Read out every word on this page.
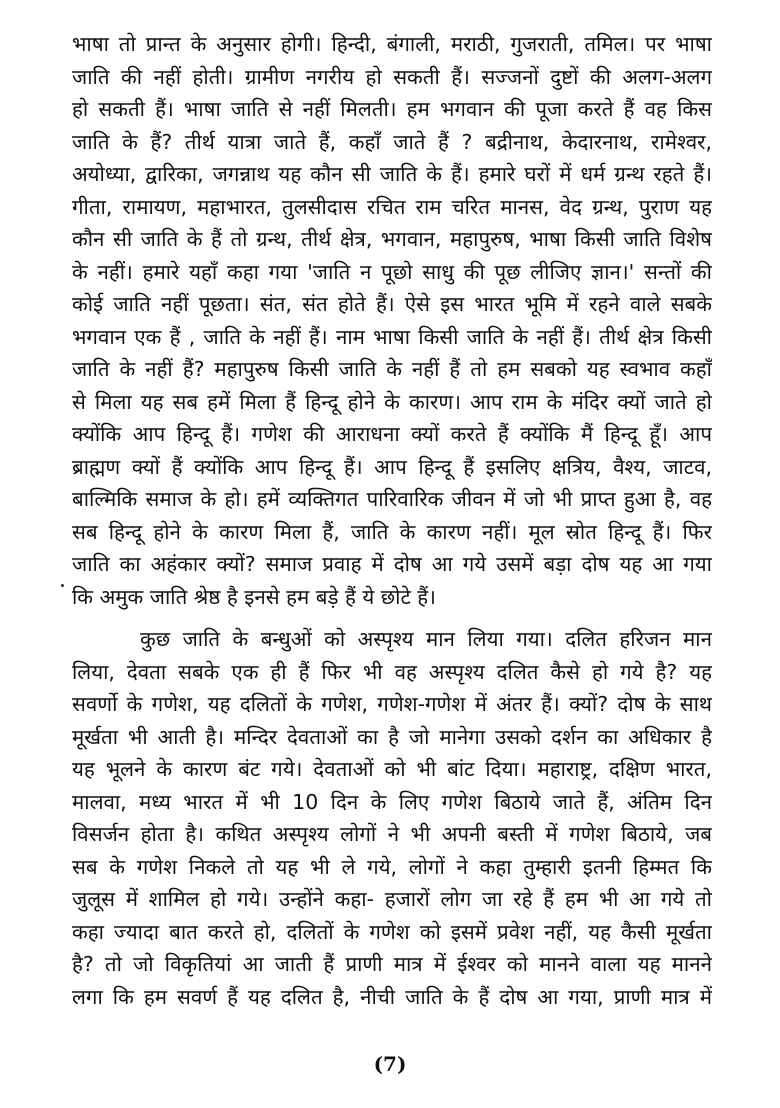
भाषा तो प्रान्त के अनुसार होगी। हिन्दी, बंगाली, मराठी, गुजराती, तमिल। पर भाषा
जाति की नहीं होती। ग्रामीण नगरीय हो सकती हैं। सज्जनों दुष्टों की अलग-अलग
हो सकती हैं। भाषा जाति से नहीं मिलती। हम भगवान की पूजा करते हैं वह किस
जाति के हैं? तीर्थ यात्रा जाते हैं, कहाँ जाते हैं ? बद्रीनाथ, केदारनाथ, रामेश्वर,
अयोध्या, द्वारिका, जगन्नाथ यह कौन सी जाति के हैं। हमारे घरों में धर्म ग्रन्थ रहते हैं।
गीता, रामायण, महाभारत, तुलसीदास रचित राम चरित मानस, वेद ग्रन्थ, पुराण यह
कौन सी जाति के हैं तो ग्रन्थ, तीर्थ क्षेत्र, भगवान, महापुरुष, भाषा किसी जाति विशेष
के नहीं। हमारे यहाँ कहा गया 'जाति न पूछो साधु की पूछ लीजिए ज्ञान।' सन्तों की
कोई जाति नहीं पूछता। संत, संत होते हैं। ऐसे इस भारत भूमि में रहने वाले सबके
भगवान एक हैं , जाति के नहीं हैं। नाम भाषा किसी जाति के नहीं हैं। तीर्थ क्षेत्र किसी
जाति के नहीं हैं? महापुरुष किसी जाति के नहीं हैं तो हम सबको यह स्वभाव कहाँ
से मिला यह सब हमें मिला हैं हिन्दू होने के कारण। आप राम के मंदिर क्यों जाते हो
क्योंकि आप हिन्दू हैं। गणेश की आराधना क्यों करते हैं क्योंकि मैं हिन्दू हूँ। आप
ब्राह्मण क्यों हैं क्योंकि आप हिन्दू हैं। आप हिन्दू हैं इसलिए क्षत्रिय, वैश्य, जाटव,
बाल्मिकि समाज के हो। हमें व्यक्तिगत पारिवारिक जीवन में जो भी प्राप्त हुआ है, वह
सब हिन्दू होने के कारण मिला हैं, जाति के कारण नहीं। मूल स्रोत हिन्दू हैं। फिर
जाति का अहंकार क्यों? समाज प्रवाह में दोष आ गये उसमें बड़ा दोष यह आ गया
कि अमुक जाति श्रेष्ठ है इनसे हम बड़े हैं ये छोटे हैं।
कुछ जाति के बन्धुओं को अस्पृश्य मान लिया गया। दलित हरिजन मान
लिया, देवता सबके एक ही हैं फिर भी वह अस्पृश्य दलित कैसे हो गये है? यह
सवर्णो के गणेश, यह दलितों के गणेश, गणेश-गणेश में अंतर हैं। क्यों? दोष के साथ
मूर्खता भी आती है। मन्दिर देवताओं का है जो मानेगा उसको दर्शन का अधिकार है
यह भूलने के कारण बंट गये। देवताओं को भी बांट दिया। महाराष्ट्र, दक्षिण भारत,
मालवा, मध्य भारत में भी 10 दिन के लिए गणेश बिठाये जाते हैं, अंतिम दिन
विसर्जन होता है। कथित अस्पृश्य लोगों ने भी अपनी बस्ती में गणेश बिठाये, जब
सब के गणेश निकले तो यह भी ले गये, लोगों ने कहा तुम्हारी इतनी हिम्मत कि
जुलूस में शामिल हो गये। उन्होंने कहा- हजारों लोग जा रहे हैं हम भी आ गये तो
कहा ज्यादा बात करते हो, दलितों के गणेश को इसमें प्रवेश नहीं, यह कैसी मूर्खता
है? तो जो विकृतियां आ जाती हैं प्राणी मात्र में ईश्वर को मानने वाला यह मानने
लगा कि हम सवर्ण हैं यह दलित है, नीची जाति के हैं दोष आ गया, प्राणी मात्र में
(7)
